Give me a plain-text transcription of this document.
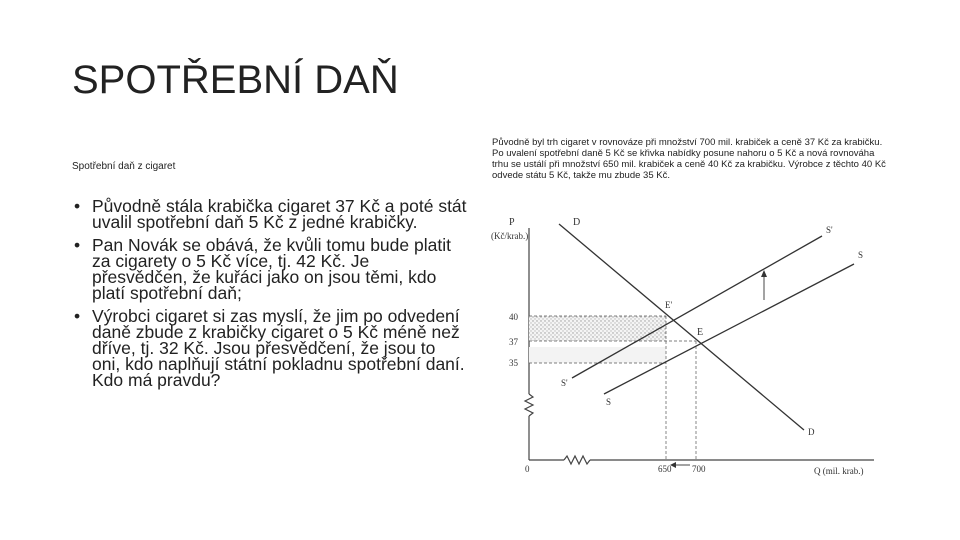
SPOTŘEBNÍ DAŇ
Spotřební daň z cigaret
• Původně stála krabička cigaret 37 Kč a poté stát uvalil spotřební daň 5 Kč z jedné krabičky.
• Pan Novák se obává, že kvůli tomu bude platit za cigarety o 5 Kč více, tj. 42 Kč. Je přesvědčen, že kuřáci jako on jsou těmi, kdo platí spotřební daň;
• Výrobci cigaret si zas myslí, že jim po odvedení daně zbude z krabičky cigaret o 5 Kč méně než dříve, tj. 32 Kč. Jsou přesvědčení, že jsou to oni, kdo naplňují státní pokladnu spotřební daní. Kdo má pravdu?
Původně byl trh cigaret v rovnováze při množství 700 mil. krabiček a ceně 37 Kč za krabičku. Po uvalení spotřební daně 5 Kč se křivka nabídky posune nahoru o 5 Kč a nová rovnováha trhu se ustálí při množství 650 mil. krabiček a ceně 40 Kč za krabičku. Výrobce z těchto 40 Kč odvede státu 5 Kč, takže mu zbude 35 Kč.
P
(Kč/krab.)
Q (mil. krab.)
0
40
37
35
650 700
D
S'
S
E'
E
S'
S
D
